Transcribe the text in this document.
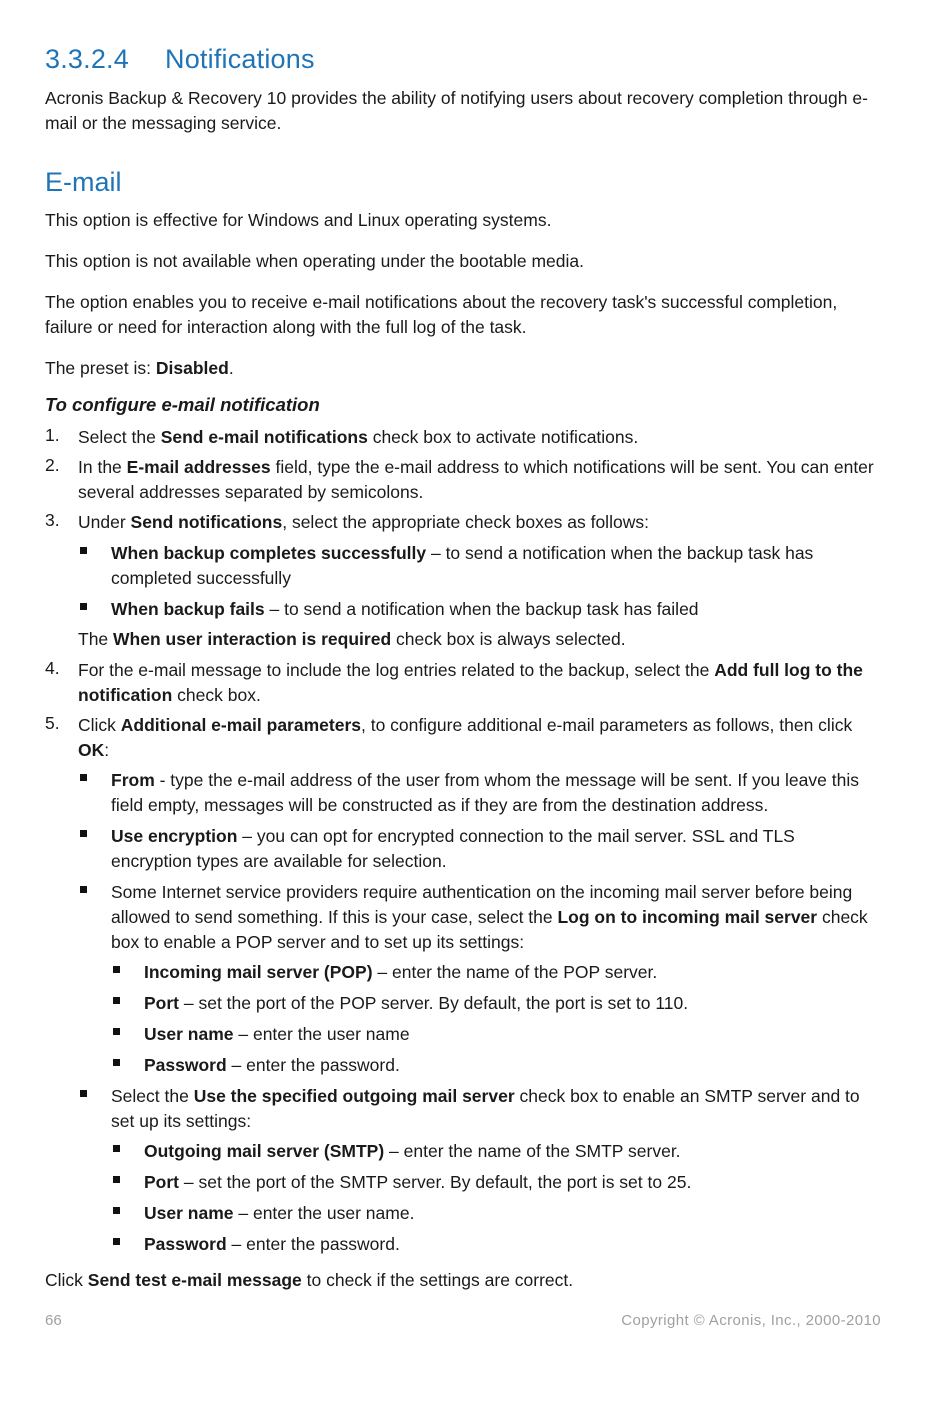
3.3.2.4 Notifications
Acronis Backup & Recovery 10 provides the ability of notifying users about recovery completion through e-mail or the messaging service.
E-mail
This option is effective for Windows and Linux operating systems.
This option is not available when operating under the bootable media.
The option enables you to receive e-mail notifications about the recovery task's successful completion, failure or need for interaction along with the full log of the task.
The preset is: Disabled.
To configure e-mail notification
1. Select the Send e-mail notifications check box to activate notifications.
2. In the E-mail addresses field, type the e-mail address to which notifications will be sent. You can enter several addresses separated by semicolons.
3. Under Send notifications, select the appropriate check boxes as follows:
When backup completes successfully – to send a notification when the backup task has completed successfully
When backup fails – to send a notification when the backup task has failed
The When user interaction is required check box is always selected.
4. For the e-mail message to include the log entries related to the backup, select the Add full log to the notification check box.
5. Click Additional e-mail parameters, to configure additional e-mail parameters as follows, then click OK:
From - type the e-mail address of the user from whom the message will be sent. If you leave this field empty, messages will be constructed as if they are from the destination address.
Use encryption – you can opt for encrypted connection to the mail server. SSL and TLS encryption types are available for selection.
Some Internet service providers require authentication on the incoming mail server before being allowed to send something. If this is your case, select the Log on to incoming mail server check box to enable a POP server and to set up its settings:
Incoming mail server (POP) – enter the name of the POP server.
Port – set the port of the POP server. By default, the port is set to 110.
User name – enter the user name
Password – enter the password.
Select the Use the specified outgoing mail server check box to enable an SMTP server and to set up its settings:
Outgoing mail server (SMTP) – enter the name of the SMTP server.
Port – set the port of the SMTP server. By default, the port is set to 25.
User name – enter the user name.
Password – enter the password.
Click Send test e-mail message to check if the settings are correct.
66	Copyright © Acronis, Inc., 2000-2010
